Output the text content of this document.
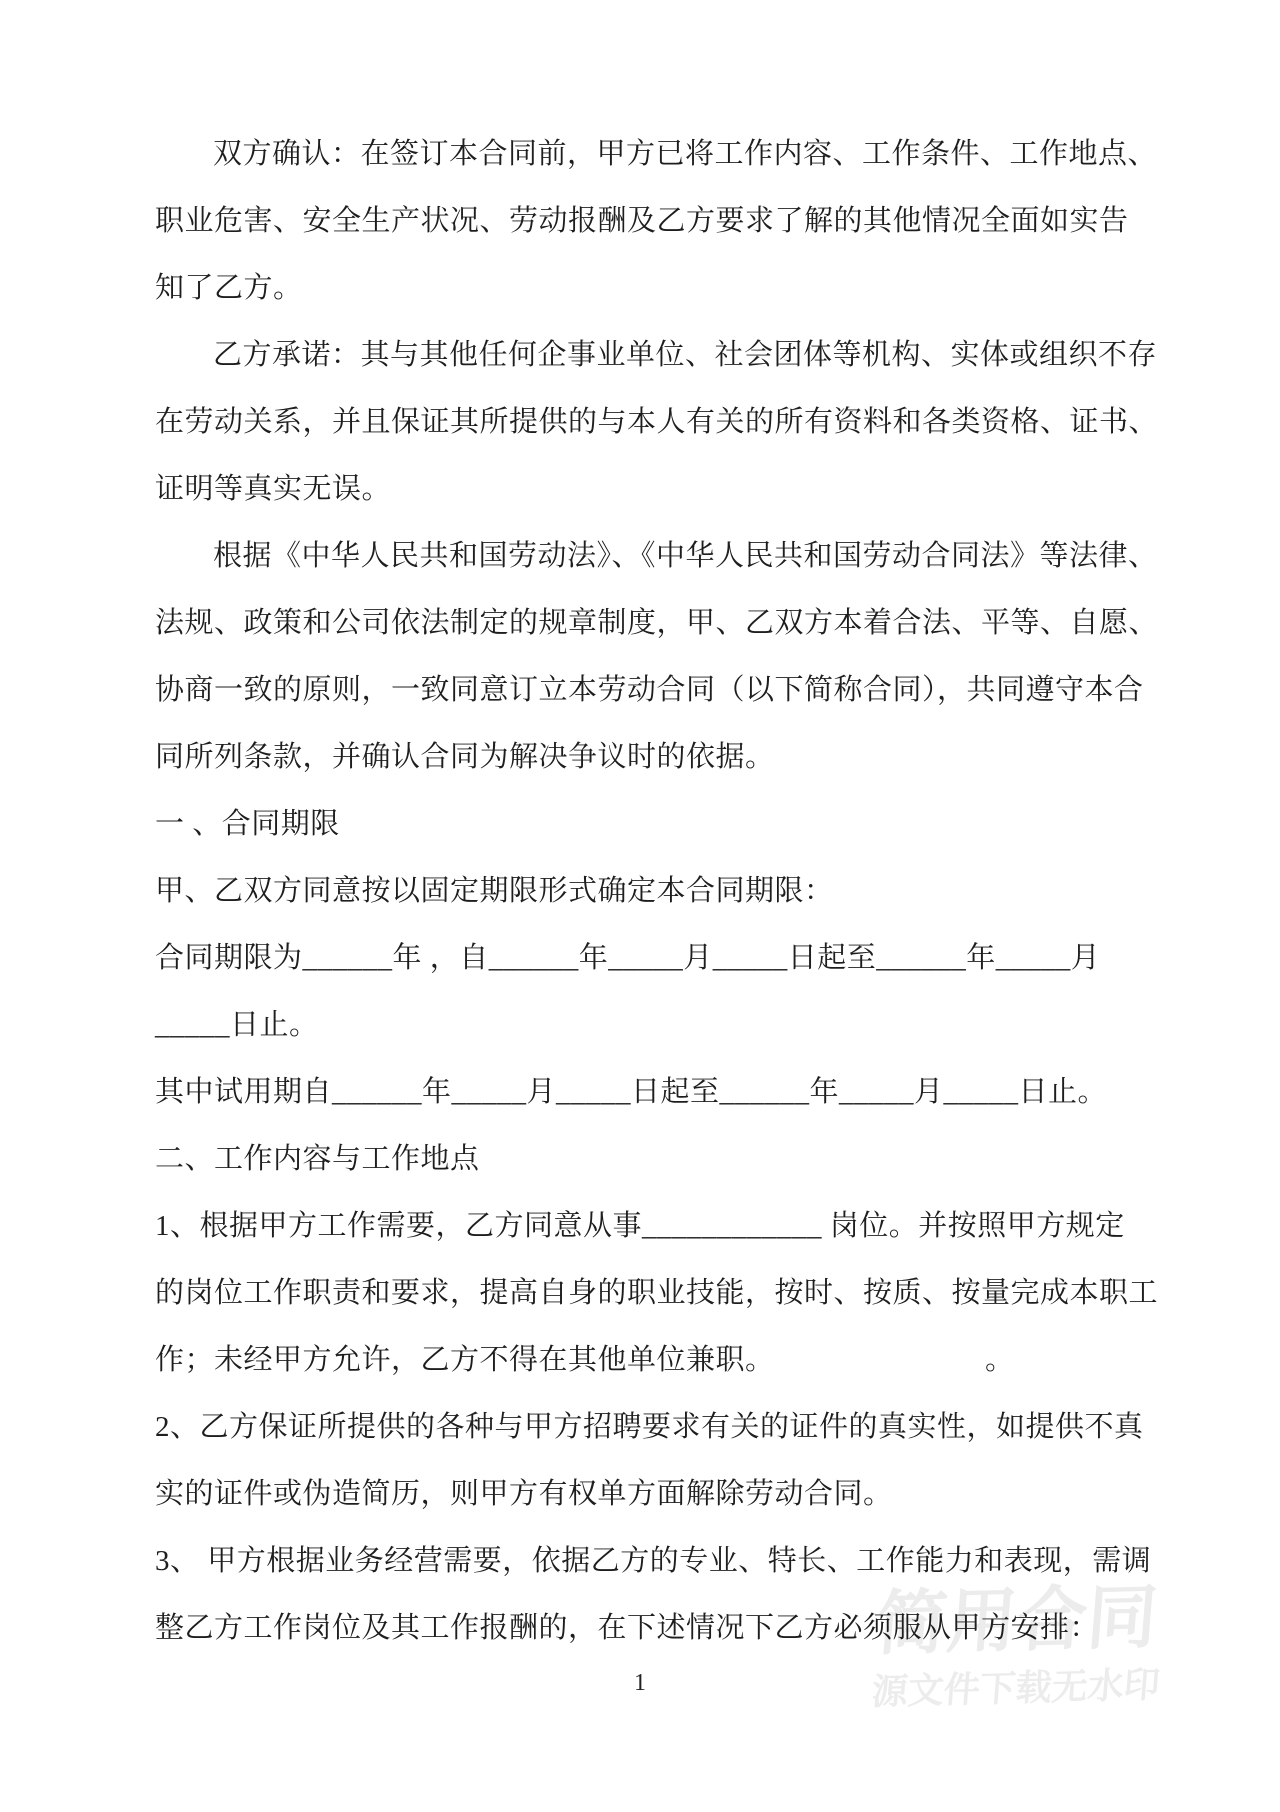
简用合同
源文件下载无水印
双方确认：在签订本合同前，甲方已将工作内容、工作条件、工作地点、
职业危害、安全生产状况、劳动报酬及乙方要求了解的其他情况全面如实告
知了乙方。
乙方承诺：其与其他任何企事业单位、社会团体等机构、实体或组织不存
在劳动关系，并且保证其所提供的与本人有关的所有资料和各类资格、证书、
证明等真实无误。
根据《中华人民共和国劳动法》、《中华人民共和国劳动合同法》等法律、
法规、政策和公司依法制定的规章制度，甲、乙双方本着合法、平等、自愿、
协商一致的原则，一致同意订立本劳动合同（以下简称合同），共同遵守本合
同所列条款，并确认合同为解决争议时的依据。
一 、合同期限
甲、乙双方同意按以固定期限形式确定本合同期限：
合同期限为______年 ，自______年_____月_____日起至______年_____月
_____日止。
其中试用期自______年_____月_____日起至______年_____月_____日止。
二、工作内容与工作地点
1、根据甲方工作需要，乙方同意从事____________ 岗位。并按照甲方规定
的岗位工作职责和要求，提高自身的职业技能，按时、按质、按量完成本职工
作；未经甲方允许，乙方不得在其他单位兼职。	。
2、乙方保证所提供的各种与甲方招聘要求有关的证件的真实性，如提供不真
实的证件或伪造简历，则甲方有权单方面解除劳动合同。
3、 甲方根据业务经营需要，依据乙方的专业、特长、工作能力和表现，需调
整乙方工作岗位及其工作报酬的，在下述情况下乙方必须服从甲方安排：
1
